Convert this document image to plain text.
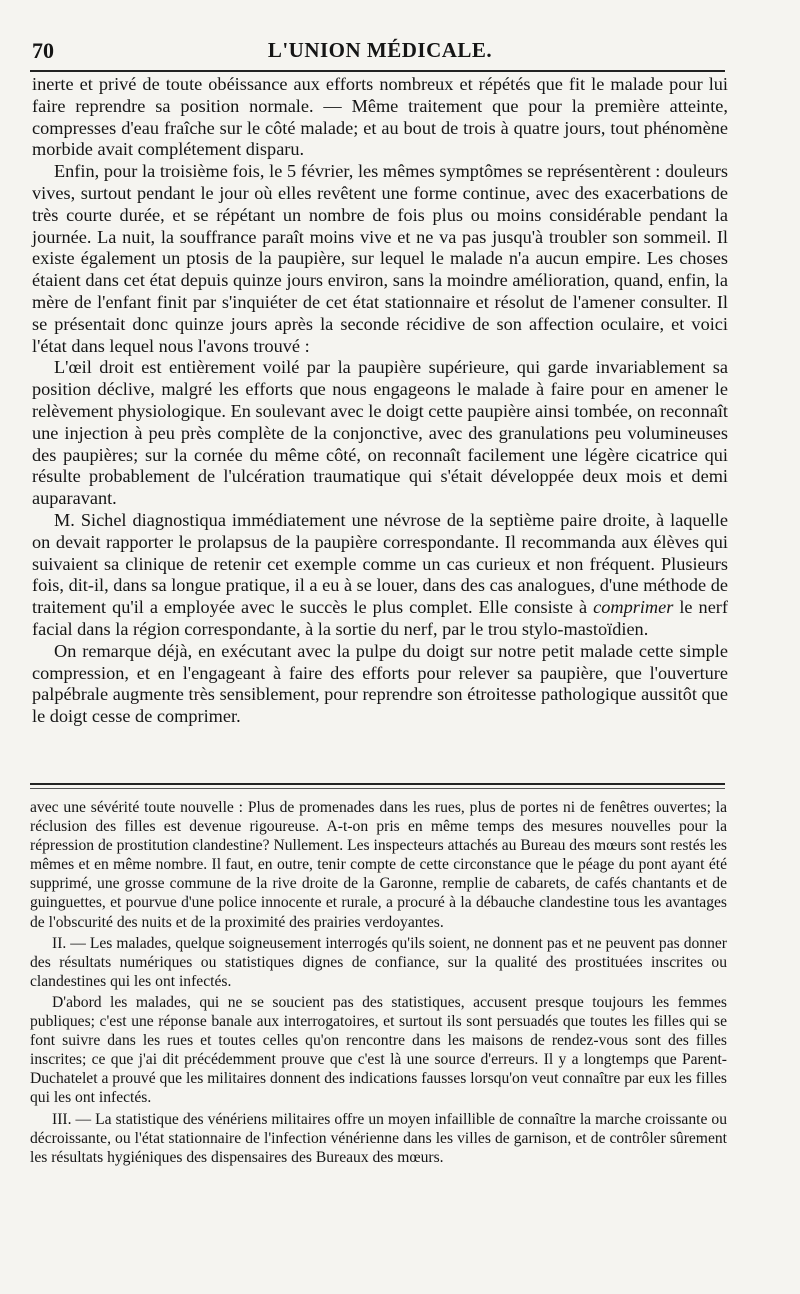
70	L'UNION MÉDICALE.

inerte et privé de toute obéissance aux efforts nombreux et répétés que fit le malade pour lui faire reprendre sa position normale. — Même traitement que pour la première atteinte, compresses d'eau fraîche sur le côté malade; et au bout de trois à quatre jours, tout phénomène morbide avait complétement disparu.

Enfin, pour la troisième fois, le 5 février, les mêmes symptômes se représentèrent : douleurs vives, surtout pendant le jour où elles revêtent une forme continue, avec des exacerbations de très courte durée, et se répétant un nombre de fois plus ou moins considérable pendant la journée. La nuit, la souffrance paraît moins vive et ne va pas jusqu'à troubler son sommeil. Il existe également un ptosis de la paupière, sur lequel le malade n'a aucun empire. Les choses étaient dans cet état depuis quinze jours environ, sans la moindre amélioration, quand, enfin, la mère de l'enfant finit par s'inquiéter de cet état stationnaire et résolut de l'amener consulter. Il se présentait donc quinze jours après la seconde récidive de son affection oculaire, et voici l'état dans lequel nous l'avons trouvé :

L'œil droit est entièrement voilé par la paupière supérieure, qui garde invariablement sa position déclive, malgré les efforts que nous engageons le malade à faire pour en amener le relèvement physiologique. En soulevant avec le doigt cette paupière ainsi tombée, on reconnaît une injection à peu près complète de la conjonctive, avec des granulations peu volumineuses des paupières; sur la cornée du même côté, on reconnaît facilement une légère cicatrice qui résulte probablement de l'ulcération traumatique qui s'était développée deux mois et demi auparavant.

M. Sichel diagnostiqua immédiatement une névrose de la septième paire droite, à laquelle on devait rapporter le prolapsus de la paupière correspondante. Il recommanda aux élèves qui suivaient sa clinique de retenir cet exemple comme un cas curieux et non fréquent. Plusieurs fois, dit-il, dans sa longue pratique, il a eu à se louer, dans des cas analogues, d'une méthode de traitement qu'il a employée avec le succès le plus complet. Elle consiste à comprimer le nerf facial dans la région correspondante, à la sortie du nerf, par le trou stylo-mastoïdien.

On remarque déjà, en exécutant avec la pulpe du doigt sur notre petit malade cette simple compression, et en l'engageant à faire des efforts pour relever sa paupière, que l'ouverture palpébrale augmente très sensiblement, pour reprendre son étroitesse pathologique aussitôt que le doigt cesse de comprimer.

avec une sévérité toute nouvelle : Plus de promenades dans les rues, plus de portes ni de fenêtres ouvertes; la réclusion des filles est devenue rigoureuse. A-t-on pris en même temps des mesures nouvelles pour la répression de prostitution clandestine? Nullement. Les inspecteurs attachés au Bureau des mœurs sont restés les mêmes et en même nombre. Il faut, en outre, tenir compte de cette circonstance que le péage du pont ayant été supprimé, une grosse commune de la rive droite de la Garonne, remplie de cabarets, de cafés chantants et de guinguettes, et pourvue d'une police innocente et rurale, a procuré à la débauche clandestine tous les avantages de l'obscurité des nuits et de la proximité des prairies verdoyantes.

II. — Les malades, quelque soigneusement interrogés qu'ils soient, ne donnent pas et ne peuvent pas donner des résultats numériques ou statistiques dignes de confiance, sur la qualité des prostituées inscrites ou clandestines qui les ont infectés.

D'abord les malades, qui ne se soucient pas des statistiques, accusent presque toujours les femmes publiques; c'est une réponse banale aux interrogatoires, et surtout ils sont persuadés que toutes les filles qui se font suivre dans les rues et toutes celles qu'on rencontre dans les maisons de rendez-vous sont des filles inscrites; ce que j'ai dit précédemment prouve que c'est là une source d'erreurs. Il y a longtemps que Parent-Duchatelet a prouvé que les militaires donnent des indications fausses lorsqu'on veut connaître par eux les filles qui les ont infectés.

III. — La statistique des vénériens militaires offre un moyen infaillible de connaître la marche croissante ou décroissante, ou l'état stationnaire de l'infection vénérienne dans les villes de garnison, et de contrôler sûrement les résultats hygiéniques des dispensaires des Bureaux des mœurs.
